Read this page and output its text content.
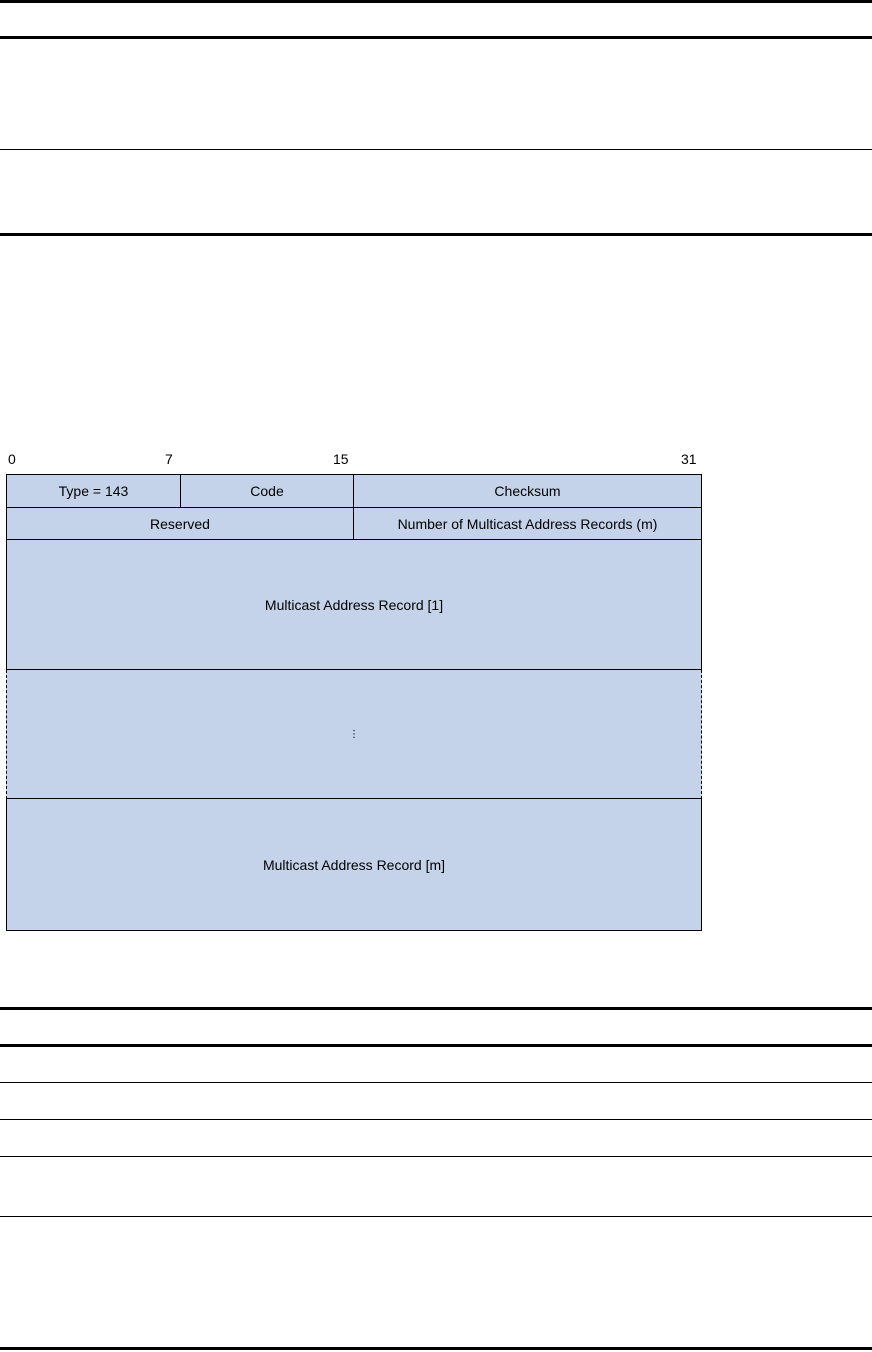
0	7	15	31
Type = 143	Code	Checksum
Reserved	Number of Multicast Address Records (m)
Multicast Address Record [1]
⋮
Multicast Address Record [m]
